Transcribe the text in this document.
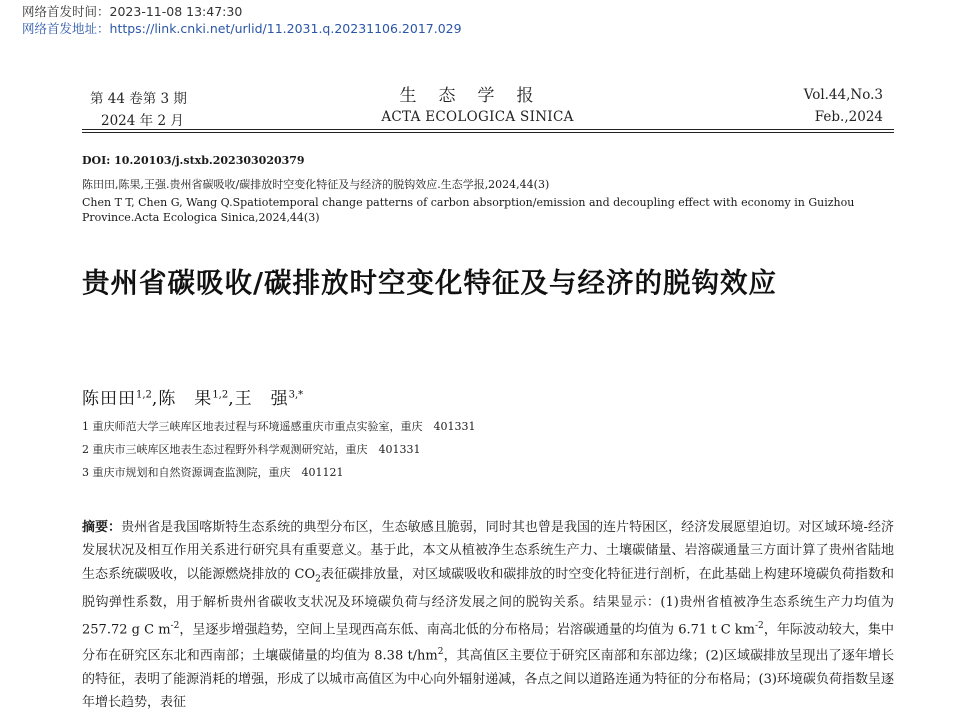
网络首发时间：2023-11-08 13:47:30
网络首发地址：https://link.cnki.net/urlid/11.2031.q.20231106.2017.029
第 44 卷第 3 期
2024 年 2 月
生态学报
ACTA ECOLOGICA SINICA
Vol.44,No.3
Feb.,2024
DOI: 10.20103/j.stxb.202303020379
陈田田,陈果,王强.贵州省碳吸收/碳排放时空变化特征及与经济的脱钩效应.生态学报,2024,44(3)
Chen T T, Chen G, Wang Q.Spatiotemporal change patterns of carbon absorption/emission and decoupling effect with economy in Guizhou Province.Acta Ecologica Sinica,2024,44(3)
贵州省碳吸收/碳排放时空变化特征及与经济的脱钩效应
陈田田$^{1,2}$,陈　果$^{1,2}$,王　强$^{3,*}$
1 重庆师范大学三峡库区地表过程与环境遥感重庆市重点实验室，重庆　401331
2 重庆市三峡库区地表生态过程野外科学观测研究站，重庆　401331
3 重庆市规划和自然资源调查监测院，重庆　401121
摘要：贵州省是我国喀斯特生态系统的典型分布区，生态敏感且脆弱，同时其也曾是我国的连片特困区，经济发展愿望迫切。对区域环境-经济发展状况及相互作用关系进行研究具有重要意义。基于此，本文从植被净生态系统生产力、土壤碳储量、岩溶碳通量三方面计算了贵州省陆地生态系统碳吸收，以能源燃烧排放的 $CO_2$表征碳排放量，对区域碳吸收和碳排放的时空变化特征进行剖析，在此基础上构建环境碳负荷指数和脱钩弹性系数，用于解析贵州省碳收支状况及环境碳负荷与经济发展之间的脱钩关系。结果显示：(1)贵州省植被净生态系统生产力均值为 257.72 g C $m^{-2}$，呈逐步增强趋势，空间上呈现西高东低、南高北低的分布格局；岩溶碳通量的均值为 6.71 t C $km^{-2}$，年际波动较大，集中分布在研究区东北和西南部；土壤碳储量的均值为 8.38 $t/hm^2$，其高值区主要位于研究区南部和东部边缘；(2)区域碳排放呈现出了逐年增长的特征，表明了能源消耗的增强，形成了以城市高值区为中心向外辐射递减，各点之间以道路连通为特征的分布格局；(3)环境碳负荷指数呈逐年增长趋势，表征
